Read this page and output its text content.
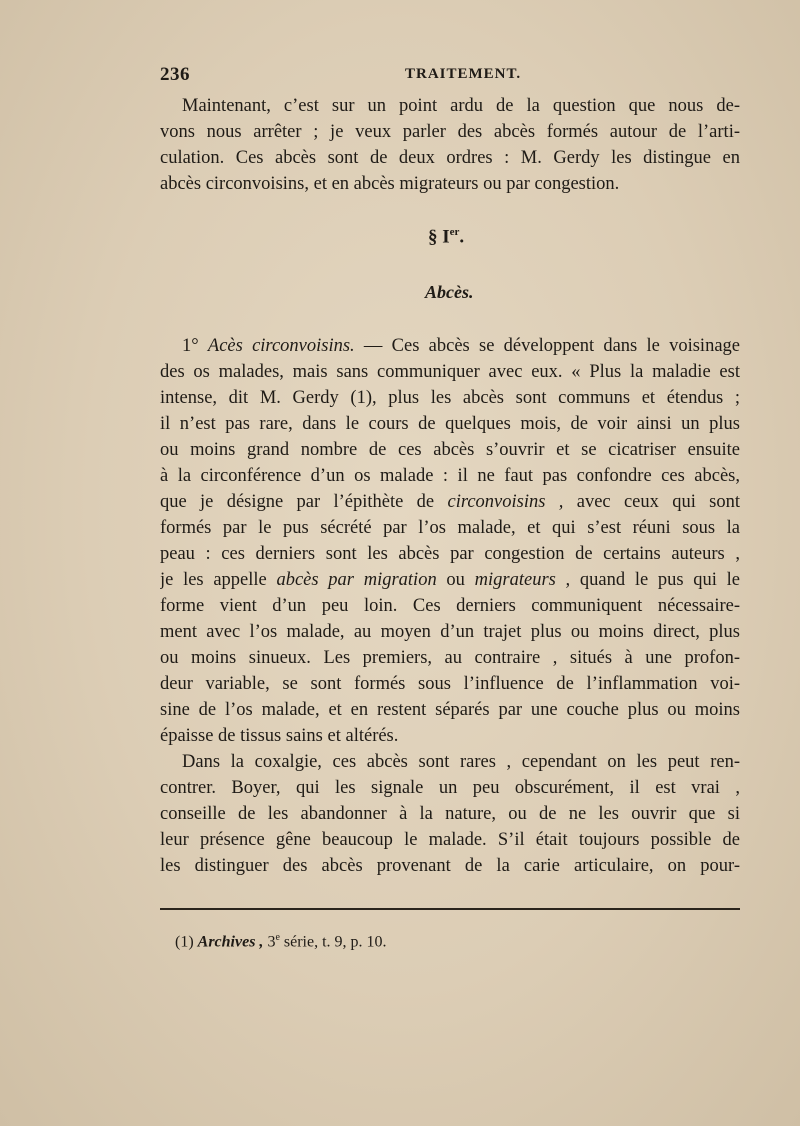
236	TRAITEMENT.
Maintenant, c’est sur un point ardu de la question que nous de-
vons nous arrêter ; je veux parler des abcès formés autour de l’arti-
culation. Ces abcès sont de deux ordres : M. Gerdy les distingue en
abcès circonvoisins, et en abcès migrateurs ou par congestion.
§ Ier.
Abcès.
1° Acès circonvoisins. — Ces abcès se développent dans le voisinage
des os malades, mais sans communiquer avec eux. « Plus la maladie est
intense, dit M. Gerdy (1), plus les abcès sont communs et étendus ;
il n’est pas rare, dans le cours de quelques mois, de voir ainsi un plus
ou moins grand nombre de ces abcès s’ouvrir et se cicatriser ensuite
à la circonférence d’un os malade : il ne faut pas confondre ces abcès,
que je désigne par l’épithète de circonvoisins , avec ceux qui sont
formés par le pus sécrété par l’os malade, et qui s’est réuni sous la
peau : ces derniers sont les abcès par congestion de certains auteurs ,
je les appelle abcès par migration ou migrateurs , quand le pus qui le
forme vient d’un peu loin. Ces derniers communiquent nécessaire-
ment avec l’os malade, au moyen d’un trajet plus ou moins direct, plus
ou moins sinueux. Les premiers, au contraire , situés à une profon-
deur variable, se sont formés sous l’influence de l’inflammation voi-
sine de l’os malade, et en restent séparés par une couche plus ou moins
épaisse de tissus sains et altérés.
Dans la coxalgie, ces abcès sont rares , cependant on les peut ren-
contrer. Boyer, qui les signale un peu obscurément, il est vrai ,
conseille de les abandonner à la nature, ou de ne les ouvrir que si
leur présence gêne beaucoup le malade. S’il était toujours possible de
les distinguer des abcès provenant de la carie articulaire, on pour-
(1) Archives , 3e série, t. 9, p. 10.
